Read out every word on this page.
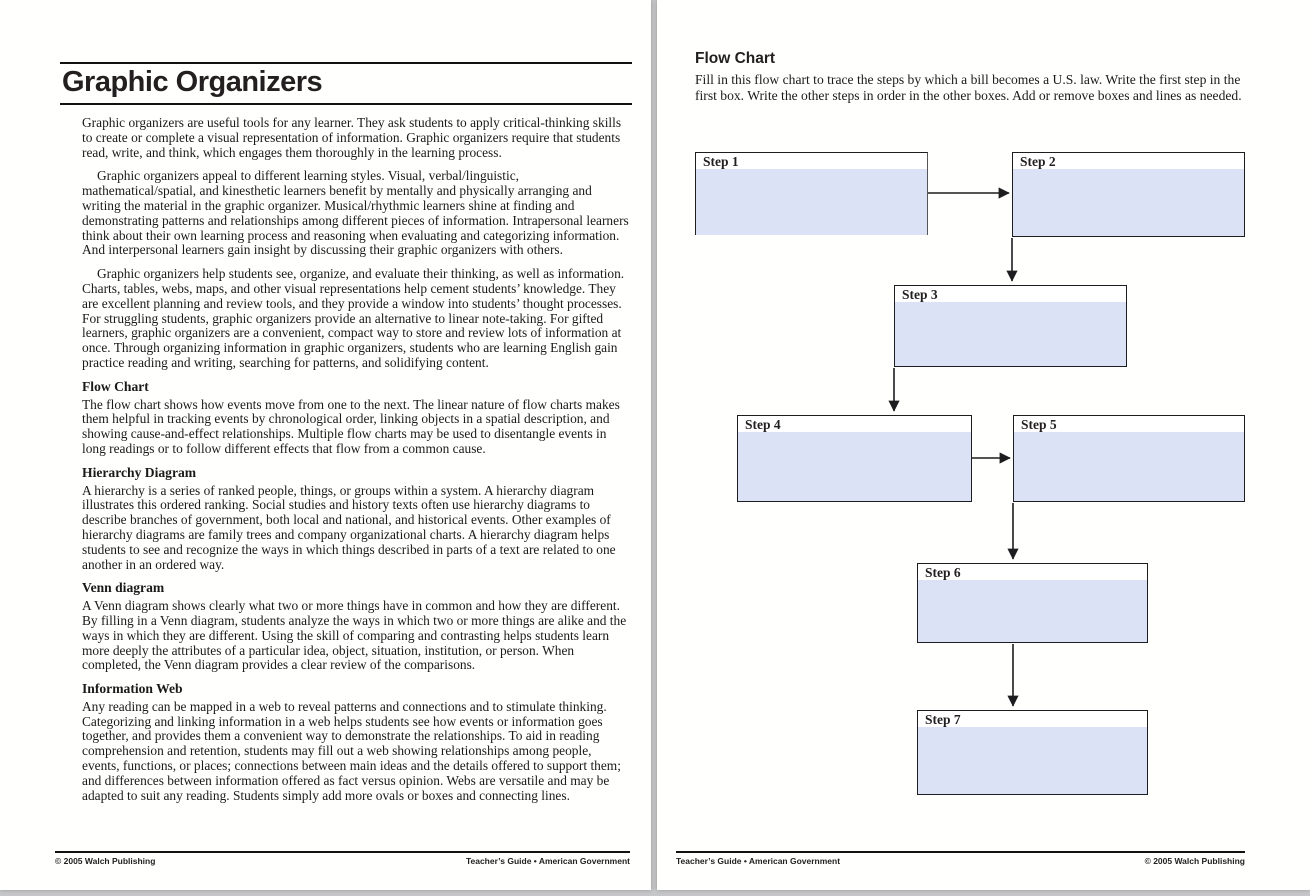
Graphic Organizers

Graphic organizers are useful tools for any learner. They ask students to apply critical-thinking skills to create or complete a visual representation of information. Graphic organizers require that students read, write, and think, which engages them thoroughly in the learning process.

Graphic organizers appeal to different learning styles. Visual, verbal/linguistic, mathematical/spatial, and kinesthetic learners benefit by mentally and physically arranging and writing the material in the graphic organizer. Musical/rhythmic learners shine at finding and demonstrating patterns and relationships among different pieces of information. Intrapersonal learners think about their own learning process and reasoning when evaluating and categorizing information. And interpersonal learners gain insight by discussing their graphic organizers with others.

Graphic organizers help students see, organize, and evaluate their thinking, as well as information. Charts, tables, webs, maps, and other visual representations help cement students’ knowledge. They are excellent planning and review tools, and they provide a window into students’ thought processes. For struggling students, graphic organizers provide an alternative to linear note-taking. For gifted learners, graphic organizers are a convenient, compact way to store and review lots of information at once. Through organizing information in graphic organizers, students who are learning English gain practice reading and writing, searching for patterns, and solidifying content.

Flow Chart

The flow chart shows how events move from one to the next. The linear nature of flow charts makes them helpful in tracking events by chronological order, linking objects in a spatial description, and showing cause-and-effect relationships. Multiple flow charts may be used to disentangle events in long readings or to follow different effects that flow from a common cause.

Hierarchy Diagram

A hierarchy is a series of ranked people, things, or groups within a system. A hierarchy diagram illustrates this ordered ranking. Social studies and history texts often use hierarchy diagrams to describe branches of government, both local and national, and historical events. Other examples of hierarchy diagrams are family trees and company organizational charts. A hierarchy diagram helps students to see and recognize the ways in which things described in parts of a text are related to one another in an ordered way.

Venn diagram

A Venn diagram shows clearly what two or more things have in common and how they are different. By filling in a Venn diagram, students analyze the ways in which two or more things are alike and the ways in which they are different. Using the skill of comparing and contrasting helps students learn more deeply the attributes of a particular idea, object, situation, institution, or person. When completed, the Venn diagram provides a clear review of the comparisons.

Information Web

Any reading can be mapped in a web to reveal patterns and connections and to stimulate thinking. Categorizing and linking information in a web helps students see how events or information goes together, and provides them a convenient way to demonstrate the relationships. To aid in reading comprehension and retention, students may fill out a web showing relationships among people, events, functions, or places; connections between main ideas and the details offered to support them; and differences between information offered as fact versus opinion. Webs are versatile and may be adapted to suit any reading. Students simply add more ovals or boxes and connecting lines.

© 2005 Walch Publishing	Teacher’s Guide • American Government
Flow Chart
Fill in this flow chart to trace the steps by which a bill becomes a U.S. law. Write the first step in the first box. Write the other steps in order in the other boxes. Add or remove boxes and lines as needed.
Step 1	Step 2
Step 3
Step 4	Step 5
Step 6
Step 7
Teacher’s Guide • American Government	© 2005 Walch Publishing
